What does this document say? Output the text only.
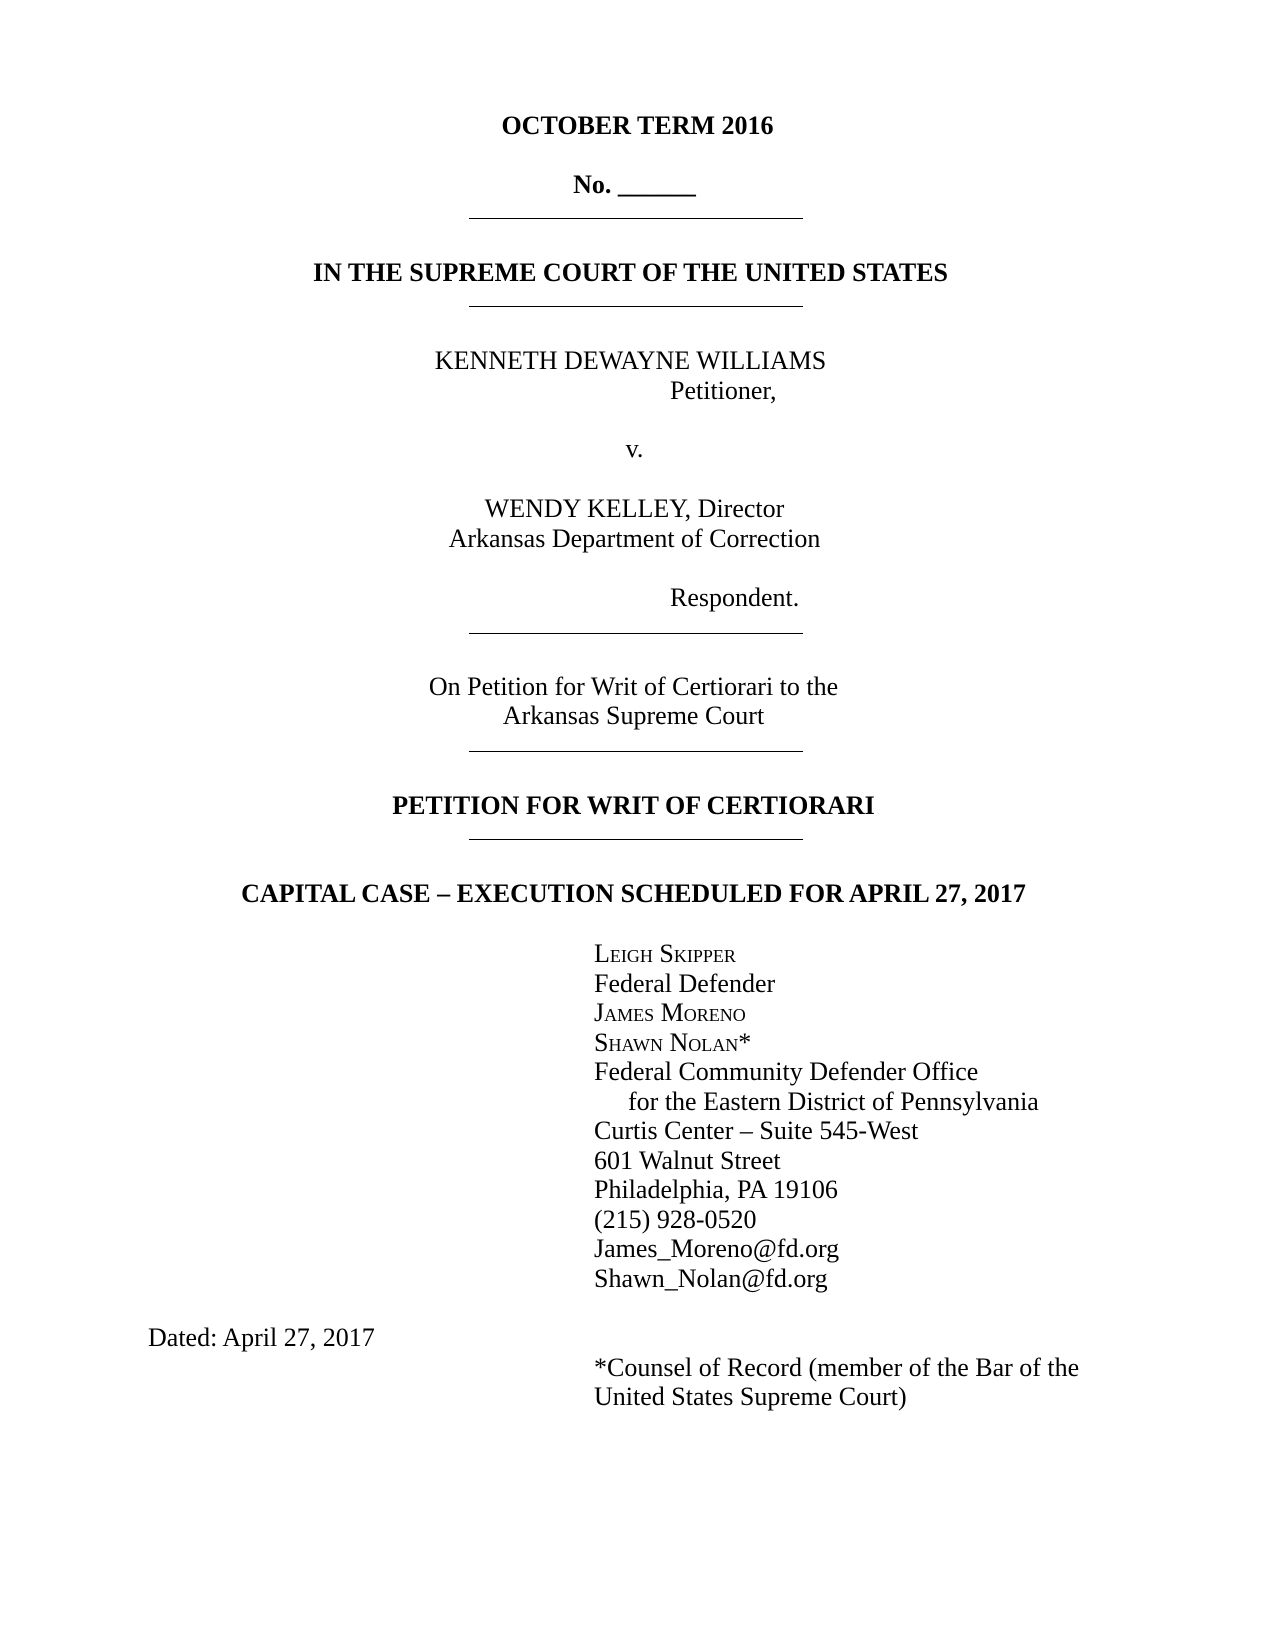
OCTOBER TERM 2016
No. ______
IN THE SUPREME COURT OF THE UNITED STATES
KENNETH DEWAYNE WILLIAMS
Petitioner,
v.
WENDY KELLEY, Director
Arkansas Department of Correction
Respondent.
On Petition for Writ of Certiorari to the
Arkansas Supreme Court
PETITION FOR WRIT OF CERTIORARI
CAPITAL CASE – EXECUTION SCHEDULED FOR APRIL 27, 2017
Leigh Skipper
Federal Defender
James Moreno
Shawn Nolan*
Federal Community Defender Office
for the Eastern District of Pennsylvania
Curtis Center – Suite 545-West
601 Walnut Street
Philadelphia, PA 19106
(215) 928-0520
James_Moreno@fd.org
Shawn_Nolan@fd.org
Dated: April 27, 2017
*Counsel of Record (member of the Bar of the
United States Supreme Court)
